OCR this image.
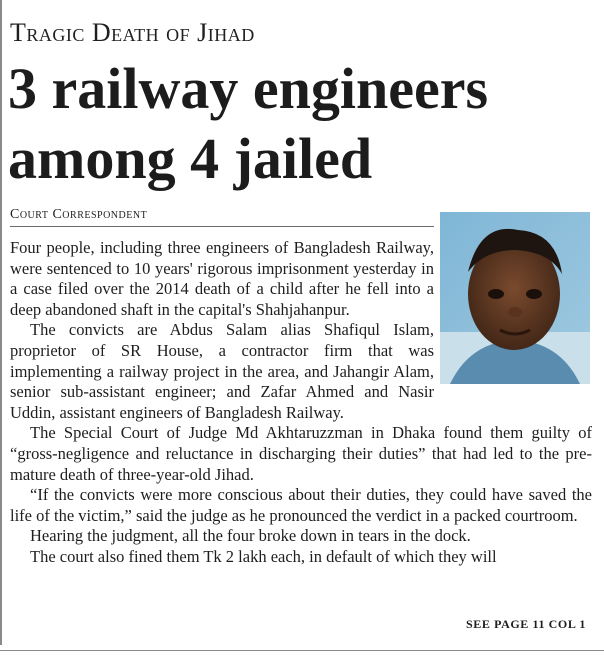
Tragic Death of Jihad
3 railway engineers
among 4 jailed
Court Correspondent

Four people, including three engineers of Bangladesh Railway, were sentenced to 10 years' rigorous imprisonment yesterday in a case filed over the 2014 death of a child after he fell into a deep abandoned shaft in the capital's Shahjahanpur.

The convicts are Abdus Salam alias Shafiqul Islam, proprietor of SR House, a contractor firm that was implementing a railway project in the area, and Jahangir Alam, senior sub-assistant engineer; and Zafar Ahmed and Nasir Uddin, assistant engineers of Bangladesh Railway.

The Special Court of Judge Md Akhtaruzzman in Dhaka found them guilty of “gross-negligence and reluctance in discharging their duties” that had led to the pre-mature death of three-year-old Jihad.

“If the convicts were more conscious about their duties, they could have saved the life of the victim,” said the judge as he pronounced the verdict in a packed courtroom.

Hearing the judgment, all the four broke down in tears in the dock.

The court also fined them Tk 2 lakh each, in default of which they will

SEE PAGE 11 COL 1
